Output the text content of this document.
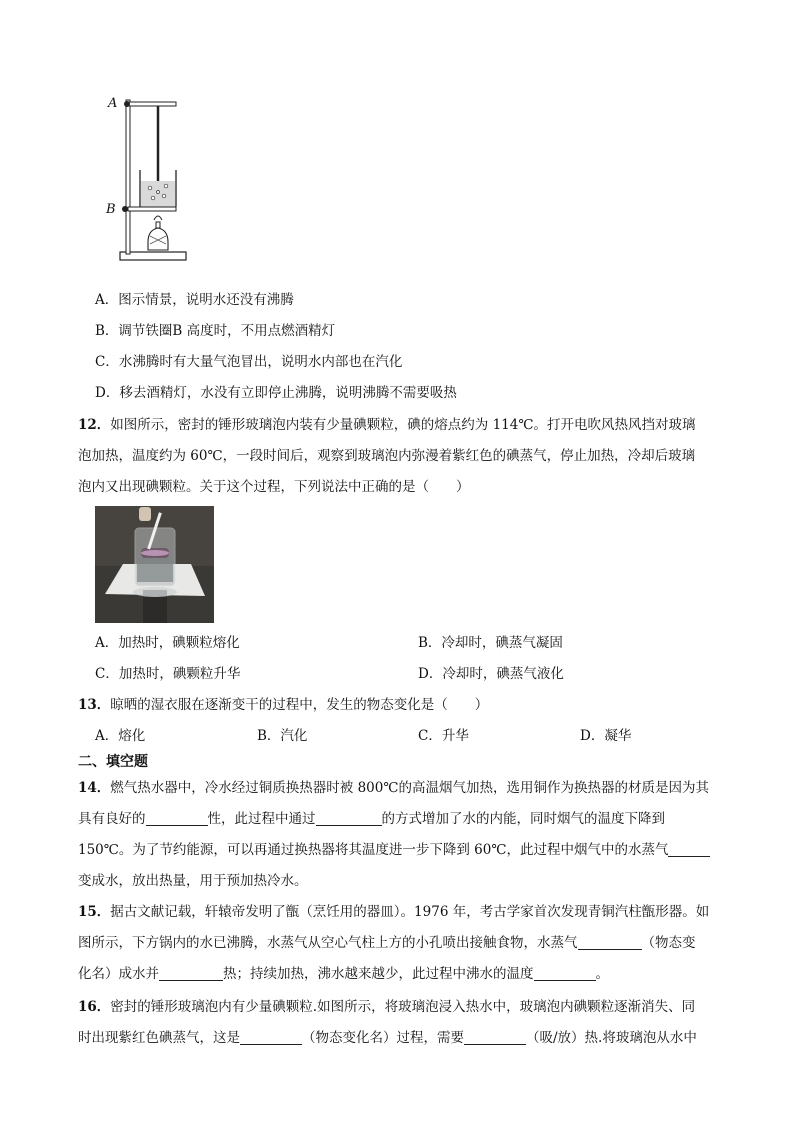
A
B
A．图示情景，说明水还没有沸腾
B．调节铁圈B 高度时，不用点燃酒精灯
C．水沸腾时有大量气泡冒出，说明水内部也在汽化
D．移去酒精灯，水没有立即停止沸腾，说明沸腾不需要吸热
12．如图所示，密封的锤形玻璃泡内装有少量碘颗粒，碘的熔点约为 114℃。打开电吹风热风挡对玻璃
泡加热，温度约为 60℃，一段时间后，观察到玻璃泡内弥漫着紫红色的碘蒸气，停止加热，冷却后玻璃
泡内又出现碘颗粒。关于这个过程，下列说法中正确的是（　　）
A．加热时，碘颗粒熔化	B．冷却时，碘蒸气凝固
C．加热时，碘颗粒升华	D．冷却时，碘蒸气液化
13．晾晒的湿衣服在逐渐变干的过程中，发生的物态变化是（　　）
A．熔化	B．汽化	C．升华	D．凝华
二、填空题
14．燃气热水器中，冷水经过铜质换热器时被 800℃的高温烟气加热，选用铜作为换热器的材质是因为其
具有良好的	性，此过程中通过	的方式增加了水的内能，同时烟气的温度下降到
150℃。为了节约能源，可以再通过换热器将其温度进一步下降到 60℃，此过程中烟气中的水蒸气
变成水，放出热量，用于预加热冷水。
15．据古文献记载，轩辕帝发明了甑（烹饪用的器皿）。1976 年，考古学家首次发现青铜汽柱甑形器。如
图所示，下方锅内的水已沸腾，水蒸气从空心气柱上方的小孔喷出接触食物，水蒸气	（物态变
化名）成水并	热；持续加热，沸水越来越少，此过程中沸水的温度	。
16．密封的锤形玻璃泡内有少量碘颗粒.如图所示，将玻璃泡浸入热水中，玻璃泡内碘颗粒逐渐消失、同
时出现紫红色碘蒸气，这是	（物态变化名）过程，需要	（吸/放）热.将玻璃泡从水中
